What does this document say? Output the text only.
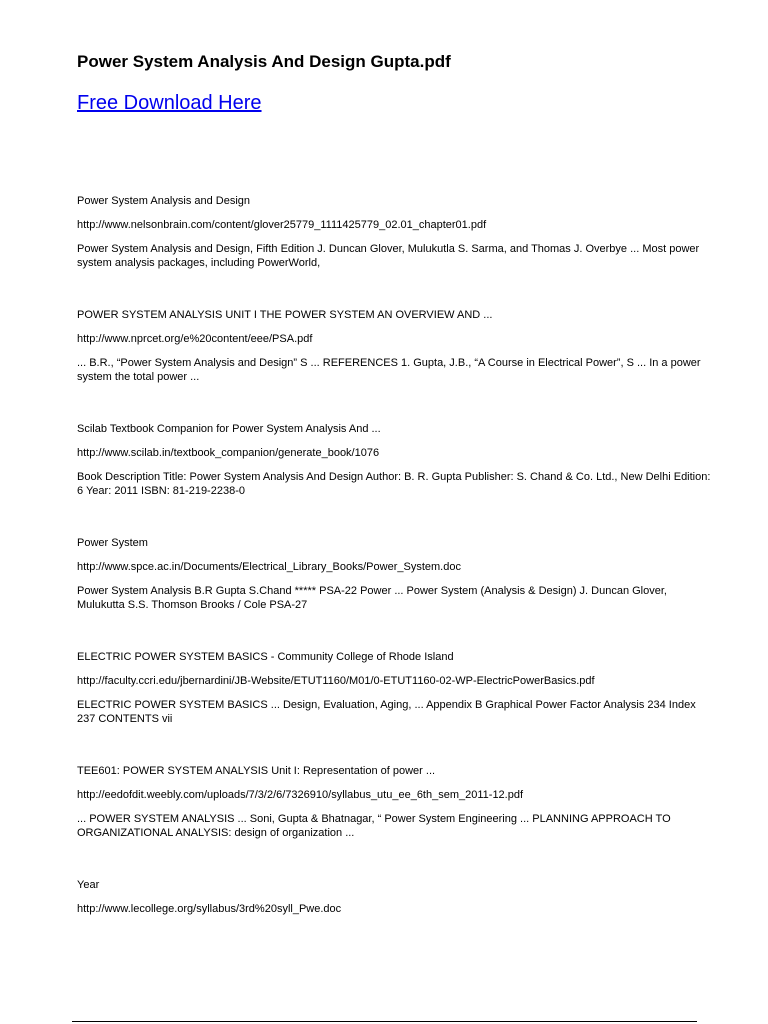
Power System Analysis And Design Gupta.pdf
Free Download Here

Power System Analysis and Design

http://www.nelsonbrain.com/content/glover25779_1111425779_02.01_chapter01.pdf

Power System Analysis and Design, Fifth Edition J. Duncan Glover, Mulukutla S. Sarma, and Thomas J. Overbye ... Most power system analysis packages, including PowerWorld,

POWER SYSTEM ANALYSIS UNIT I THE POWER SYSTEM AN OVERVIEW AND ...

http://www.nprcet.org/e%20content/eee/PSA.pdf

... B.R., “Power System Analysis and Design” S ... REFERENCES 1. Gupta, J.B., “A Course in Electrical Power”, S ... In a power system the total power ...

Scilab Textbook Companion for Power System Analysis And ...

http://www.scilab.in/textbook_companion/generate_book/1076

Book Description Title: Power System Analysis And Design Author: B. R. Gupta Publisher: S. Chand & Co. Ltd., New Delhi Edition: 6 Year: 2011 ISBN: 81-219-2238-0

Power System

http://www.spce.ac.in/Documents/Electrical_Library_Books/Power_System.doc

Power System Analysis B.R Gupta S.Chand ***** PSA-22 Power ... Power System (Analysis & Design) J. Duncan Glover, Mulukutta S.S. Thomson Brooks / Cole PSA-27

ELECTRIC POWER SYSTEM BASICS - Community College of Rhode Island

http://faculty.ccri.edu/jbernardini/JB-Website/ETUT1160/M01/0-ETUT1160-02-WP-ElectricPowerBasics.pdf

ELECTRIC POWER SYSTEM BASICS ... Design, Evaluation, Aging, ... Appendix B Graphical Power Factor Analysis 234 Index 237 CONTENTS vii

TEE601: POWER SYSTEM ANALYSIS Unit I: Representation of power ...

http://eedofdit.weebly.com/uploads/7/3/2/6/7326910/syllabus_utu_ee_6th_sem_2011-12.pdf

... POWER SYSTEM ANALYSIS ... Soni, Gupta & Bhatnagar, “ Power System Engineering ... PLANNING APPROACH TO ORGANIZATIONAL ANALYSIS: design of organization ...

Year

http://www.lecollege.org/syllabus/3rd%20syll_Pwe.doc
